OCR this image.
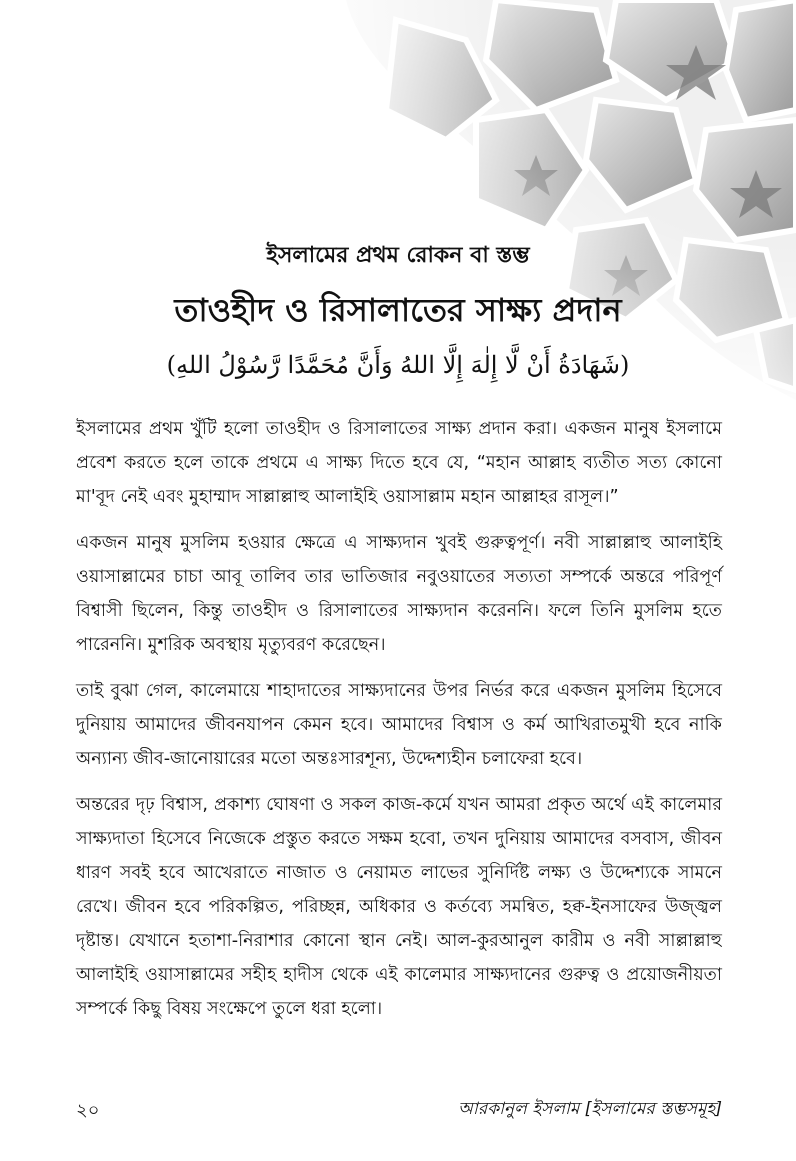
ইসলামের প্রথম রোকন বা স্তম্ভ

তাওহীদ ও রিসালাতের সাক্ষ্য প্রদান

(شَهَادَةُ أَنْ لَّا إِلٰهَ إِلَّا اللهُ وَأَنَّ مُحَمَّدًا رَّسُوْلُ اللهِ)

ইসলামের প্রথম খুঁটি হলো তাওহীদ ও রিসালাতের সাক্ষ্য প্রদান করা। একজন মানুষ ইসলামে প্রবেশ করতে হলে তাকে প্রথমে এ সাক্ষ্য দিতে হবে যে, “মহান আল্লাহ ব্যতীত সত্য কোনো মা'বূদ নেই এবং মুহাম্মাদ সাল্লাল্লাহু আলাইহি ওয়াসাল্লাম মহান আল্লাহর রাসূল।”

একজন মানুষ মুসলিম হওয়ার ক্ষেত্রে এ সাক্ষ্যদান খুবই গুরুত্বপূর্ণ। নবী সাল্লাল্লাহু আলাইহি ওয়াসাল্লামের চাচা আবূ তালিব তার ভাতিজার নবুওয়াতের সত্যতা সম্পর্কে অন্তরে পরিপূর্ণ বিশ্বাসী ছিলেন, কিন্তু তাওহীদ ও রিসালাতের সাক্ষ্যদান করেননি। ফলে তিনি মুসলিম হতে পারেননি। মুশরিক অবস্থায় মৃত্যুবরণ করেছেন।

তাই বুঝা গেল, কালেমায়ে শাহাদাতের সাক্ষ্যদানের উপর নির্ভর করে একজন মুসলিম হিসেবে দুনিয়ায় আমাদের জীবনযাপন কেমন হবে। আমাদের বিশ্বাস ও কর্ম আখিরাতমুখী হবে নাকি অন্যান্য জীব-জানোয়ারের মতো অন্তঃসারশূন্য, উদ্দেশ্যহীন চলাফেরা হবে।

অন্তরের দৃঢ় বিশ্বাস, প্রকাশ্য ঘোষণা ও সকল কাজ-কর্মে যখন আমরা প্রকৃত অর্থে এই কালেমার সাক্ষ্যদাতা হিসেবে নিজেকে প্রস্তুত করতে সক্ষম হবো, তখন দুনিয়ায় আমাদের বসবাস, জীবন ধারণ সবই হবে আখেরাতে নাজাত ও নেয়ামত লাভের সুনির্দিষ্ট লক্ষ্য ও উদ্দেশ্যকে সামনে রেখে। জীবন হবে পরিকল্পিত, পরিচ্ছন্ন, অধিকার ও কর্তব্যে সমন্বিত, হক্ব-ইনসাফের উজ্জ্বল দৃষ্টান্ত। যেখানে হতাশা-নিরাশার কোনো স্থান নেই। আল-কুরআনুল কারীম ও নবী সাল্লাল্লাহু আলাইহি ওয়াসাল্লামের সহীহ হাদীস থেকে এই কালেমার সাক্ষ্যদানের গুরুত্ব ও প্রয়োজনীয়তা সম্পর্কে কিছু বিষয় সংক্ষেপে তুলে ধরা হলো।

২০	আরকানুল ইসলাম [ইসলামের স্তম্ভসমূহ]
